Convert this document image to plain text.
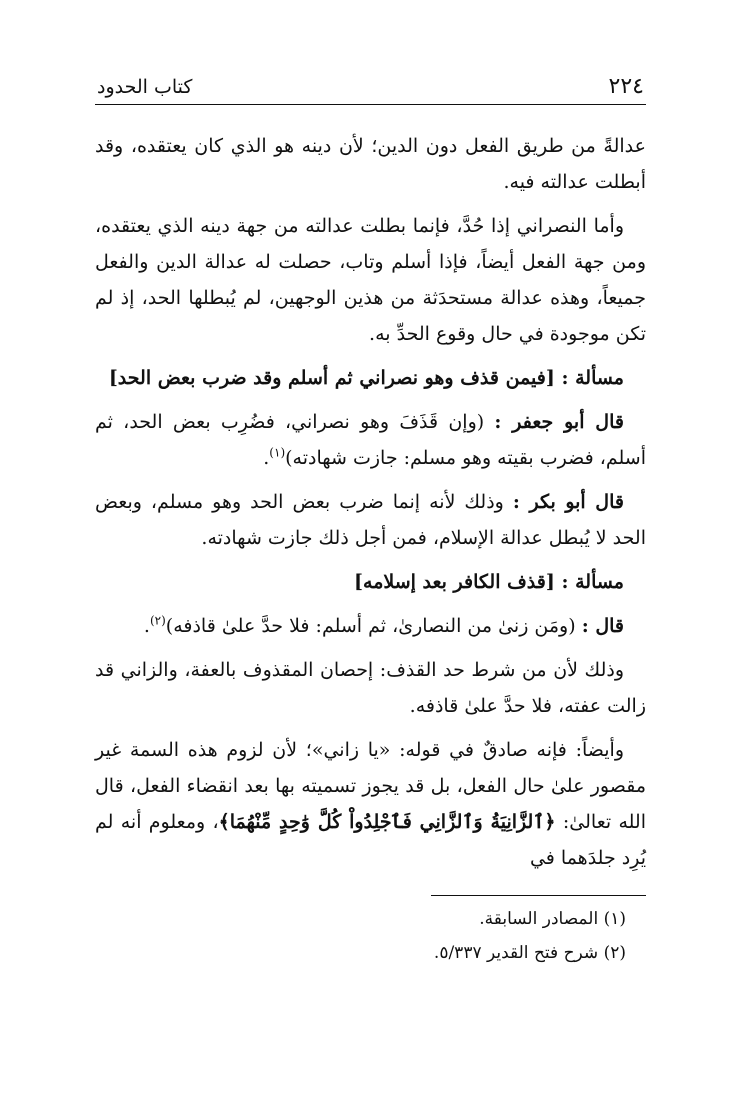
٢٢٤
كتاب الحدود

عدالةً من طريق الفعل دون الدين؛ لأن دينه هو الذي كان يعتقده، وقد أبطلت عدالته فيه.

وأما النصراني إذا حُدَّ، فإنما بطلت عدالته من جهة دينه الذي يعتقده، ومن جهة الفعل أيضاً، فإذا أسلم وتاب، حصلت له عدالة الدين والفعل جميعاً، وهذه عدالة مستحدَثة من هذين الوجهين، لم يُبطلها الحد، إذ لم تكن موجودة في حال وقوع الحدِّ به.

مسألة : [فيمن قذف وهو نصراني ثم أسلم وقد ضرب بعض الحد]

قال أبو جعفر : (وإن قَذَفَ وهو نصراني، فضُرِب بعض الحد، ثم أسلم، فضرب بقيته وهو مسلم: جازت شهادته)$^{(١)}$.

قال أبو بكر : وذلك لأنه إنما ضرب بعض الحد وهو مسلم، وبعض الحد لا يُبطل عدالة الإسلام، فمن أجل ذلك جازت شهادته.

مسألة : [قذف الكافر بعد إسلامه]

قال : (ومَن زنىٰ من النصارىٰ، ثم أسلم: فلا حدَّ علىٰ قاذفه)$^{(٢)}$.

وذلك لأن من شرط حد القذف: إحصان المقذوف بالعفة، والزاني قد زالت عفته، فلا حدَّ علىٰ قاذفه.

وأيضاً: فإنه صادقٌ في قوله: «يا زاني»؛ لأن لزوم هذه السمة غير مقصور علىٰ حال الفعل، بل قد يجوز تسميته بها بعد انقضاء الفعل، قال الله تعالىٰ: ﴿ٱلزَّانِيَةُ وَٱلزَّانِي فَٱجْلِدُواْ كُلَّ وَٰحِدٍ مِّنْهُمَا﴾، ومعلوم أنه لم يُرِد جلدَهما في

(١) المصادر السابقة.

(٢) شرح فتح القدير ٥/٣٣٧.
